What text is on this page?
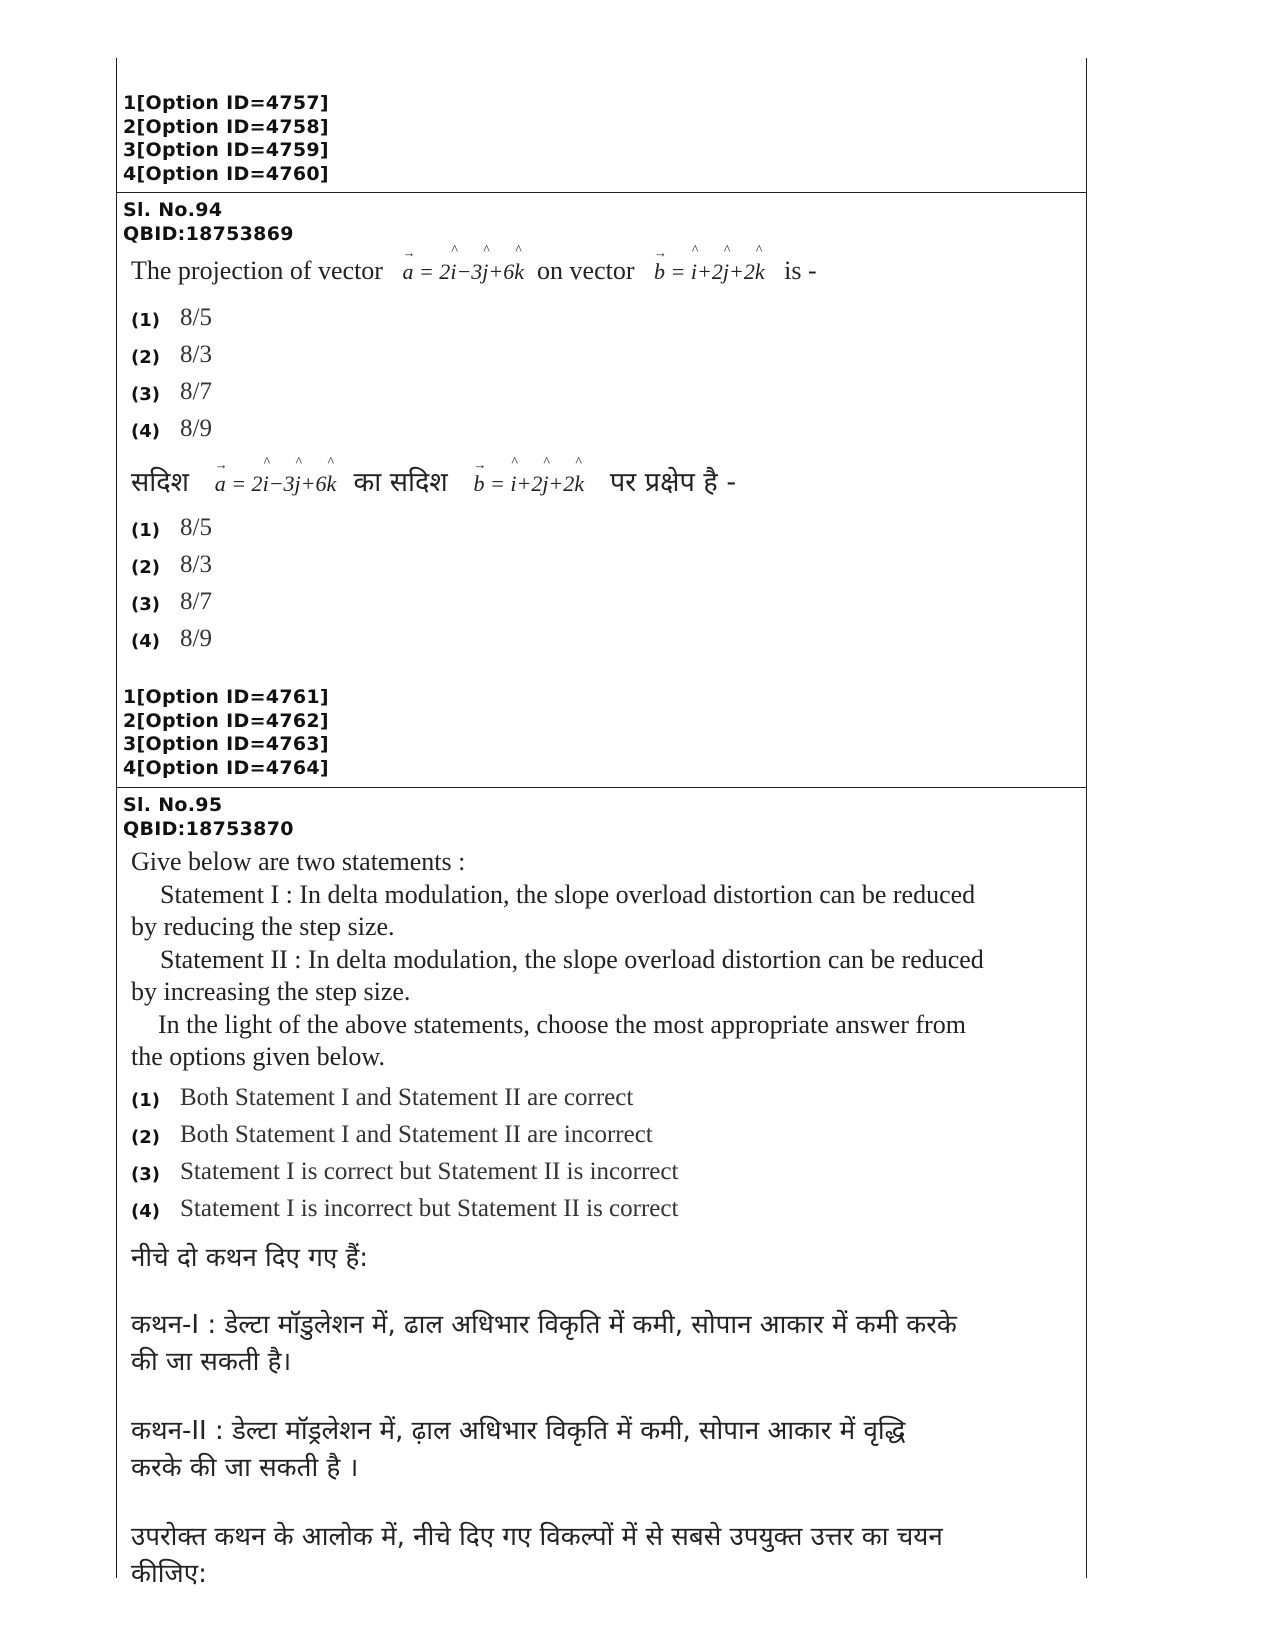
1[Option ID=4757]
2[Option ID=4758]
3[Option ID=4759]
4[Option ID=4760]
Sl. No.94
QBID:18753869
The projection of vector → a = 2^ i−3^ j+6^ k on vector → b = ^ i+2^ j+2^ k is -
(1) 8/5
(2) 8/3
(3) 8/7
(4) 8/9
सदिश → a = 2^ i−3^ j+6^ k का सदिश → b = ^ i+2^ j+2^ k पर प्रक्षेप है -
(1) 8/5
(2) 8/3
(3) 8/7
(4) 8/9
1[Option ID=4761]
2[Option ID=4762]
3[Option ID=4763]
4[Option ID=4764]
Sl. No.95
QBID:18753870
Give below are two statements :
Statement I : In delta modulation, the slope overload distortion can be reduced
by reducing the step size.
Statement II : In delta modulation, the slope overload distortion can be reduced
by increasing the step size.
In the light of the above statements, choose the most appropriate answer from
the options given below.
(1) Both Statement I and Statement II are correct
(2) Both Statement I and Statement II are incorrect
(3) Statement I is correct but Statement II is incorrect
(4) Statement I is incorrect but Statement II is correct
नीचे दो कथन दिए गए हैं:
कथन-I : डेल्टा मॉडुलेशन में, ढाल अधिभार विकृति में कमी, सोपान आकार में कमी करके
की जा सकती है।
कथन-II : डेल्टा मॉड्रलेशन में, ढ़ाल अधिभार विकृति में कमी, सोपान आकार में वृद्धि
करके की जा सकती है ।
उपरोक्त कथन के आलोक में, नीचे दिए गए विकल्पों में से सबसे उपयुक्त उत्तर का चयन
कीजिए:
